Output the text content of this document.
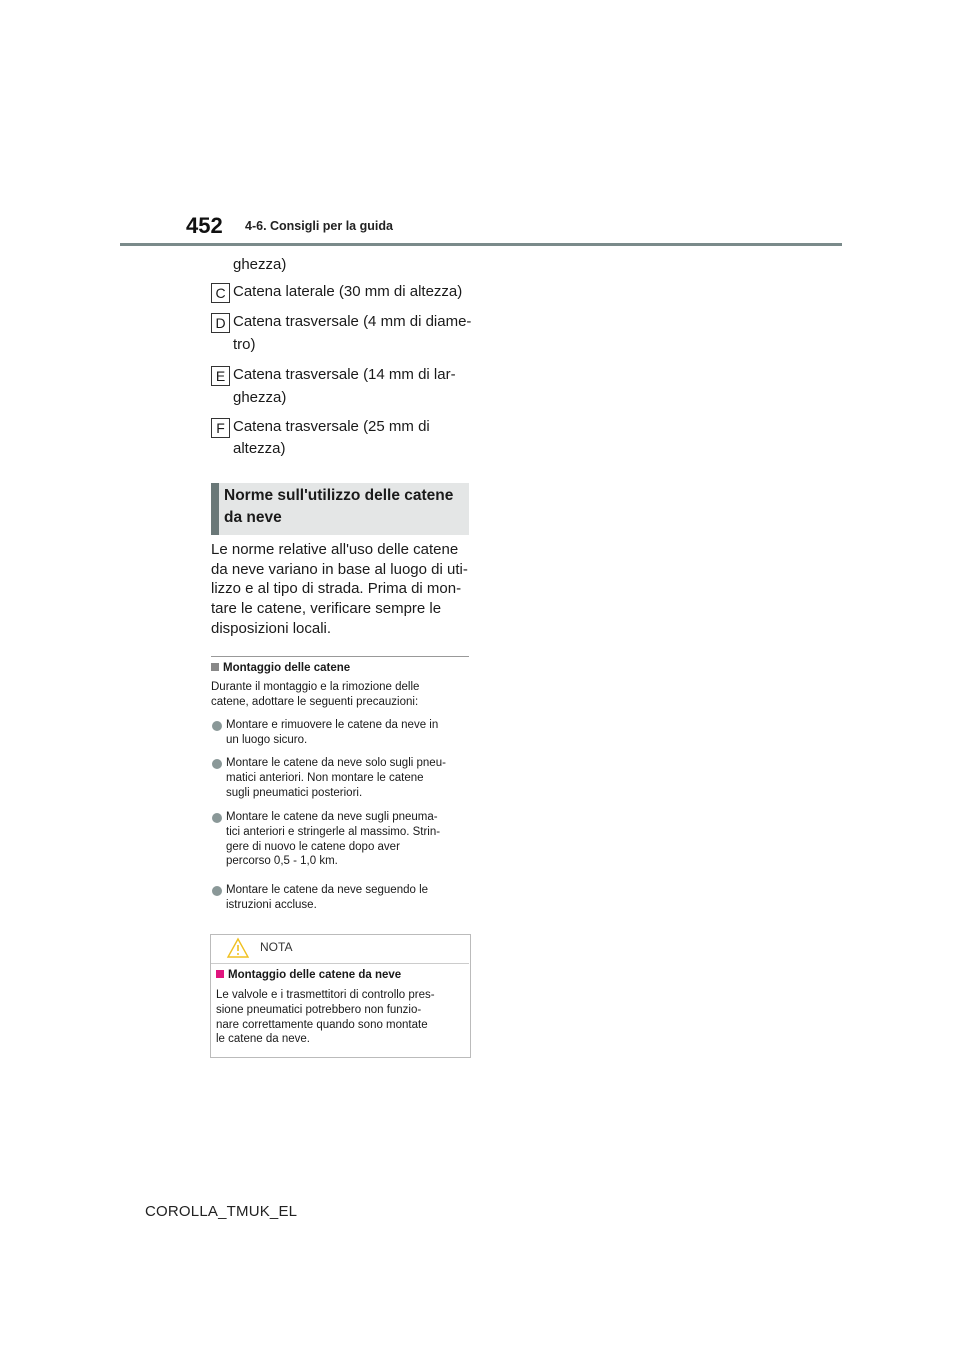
452 4-6. Consigli per la guida
ghezza)
C Catena laterale (30 mm di altezza)
D Catena trasversale (4 mm di diame-
tro)
E Catena trasversale (14 mm di lar-
ghezza)
F Catena trasversale (25 mm di
altezza)
Norme sull'utilizzo delle catene
da neve
Le norme relative all'uso delle catene
da neve variano in base al luogo di uti-
lizzo e al tipo di strada. Prima di mon-
tare le catene, verificare sempre le
disposizioni locali.
Montaggio delle catene
Durante il montaggio e la rimozione delle
catene, adottare le seguenti precauzioni:
Montare e rimuovere le catene da neve in
un luogo sicuro.
Montare le catene da neve solo sugli pneu-
matici anteriori. Non montare le catene
sugli pneumatici posteriori.
Montare le catene da neve sugli pneuma-
tici anteriori e stringerle al massimo. Strin-
gere di nuovo le catene dopo aver
percorso 0,5 - 1,0 km.
Montare le catene da neve seguendo le
istruzioni accluse.
NOTA
Montaggio delle catene da neve
Le valvole e i trasmettitori di controllo pres-
sione pneumatici potrebbero non funzio-
nare correttamente quando sono montate
le catene da neve.
COROLLA_TMUK_EL
